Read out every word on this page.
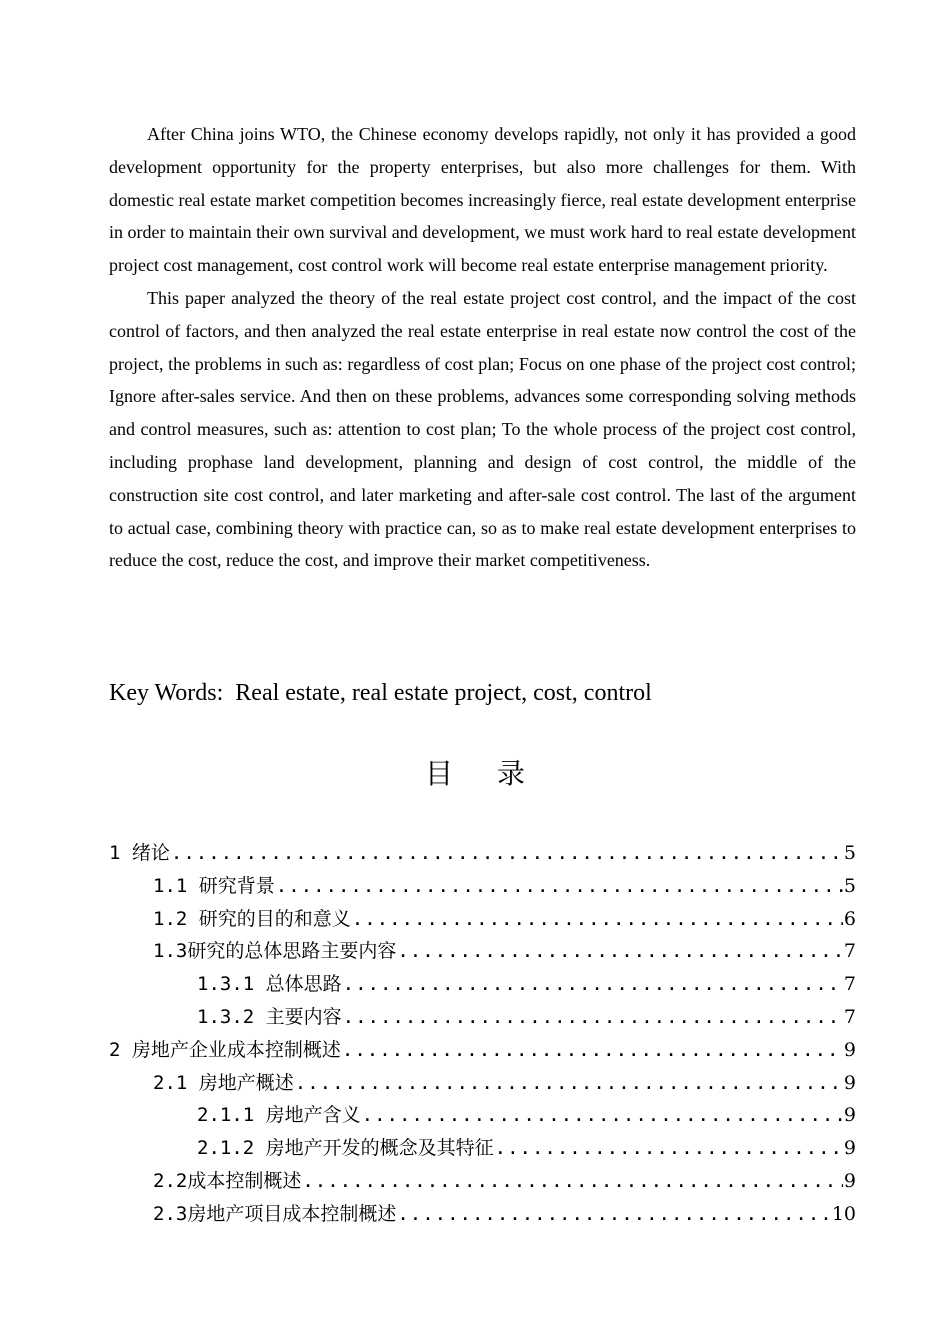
After China joins WTO, the Chinese economy develops rapidly, not only it has provided a good development opportunity for the property enterprises, but also more challenges for them. With domestic real estate market competition becomes increasingly fierce, real estate development enterprise in order to maintain their own survival and development, we must work hard to real estate development project cost management, cost control work will become real estate enterprise management priority.

This paper analyzed the theory of the real estate project cost control, and the impact of the cost control of factors, and then analyzed the real estate enterprise in real estate now control the cost of the project, the problems in such as: regardless of cost plan; Focus on one phase of the project cost control; Ignore after-sales service. And then on these problems, advances some corresponding solving methods and control measures, such as: attention to cost plan; To the whole process of the project cost control, including prophase land development, planning and design of cost control, the middle of the construction site cost control, and later marketing and after-sale cost control. The last of the argument to actual case, combining theory with practice can, so as to make real estate development enterprises to reduce the cost, reduce the cost, and improve their market competitiveness.

Key Words: Real estate, real estate project, cost, control
目 录
1 绪论 .....	5
1.1 研究背景 .....	5
1.2 研究的目的和意义 .....	6
1.3研究的总体思路主要内容 .....	7
1.3.1 总体思路 .....	7
1.3.2 主要内容 .....	7
2 房地产企业成本控制概述 .....	9
2.1 房地产概述 .....	9
2.1.1 房地产含义 .....	9
2.1.2 房地产开发的概念及其特征 .....	9
2.2成本控制概述 .....	9
2.3房地产项目成本控制概述 .....	10
